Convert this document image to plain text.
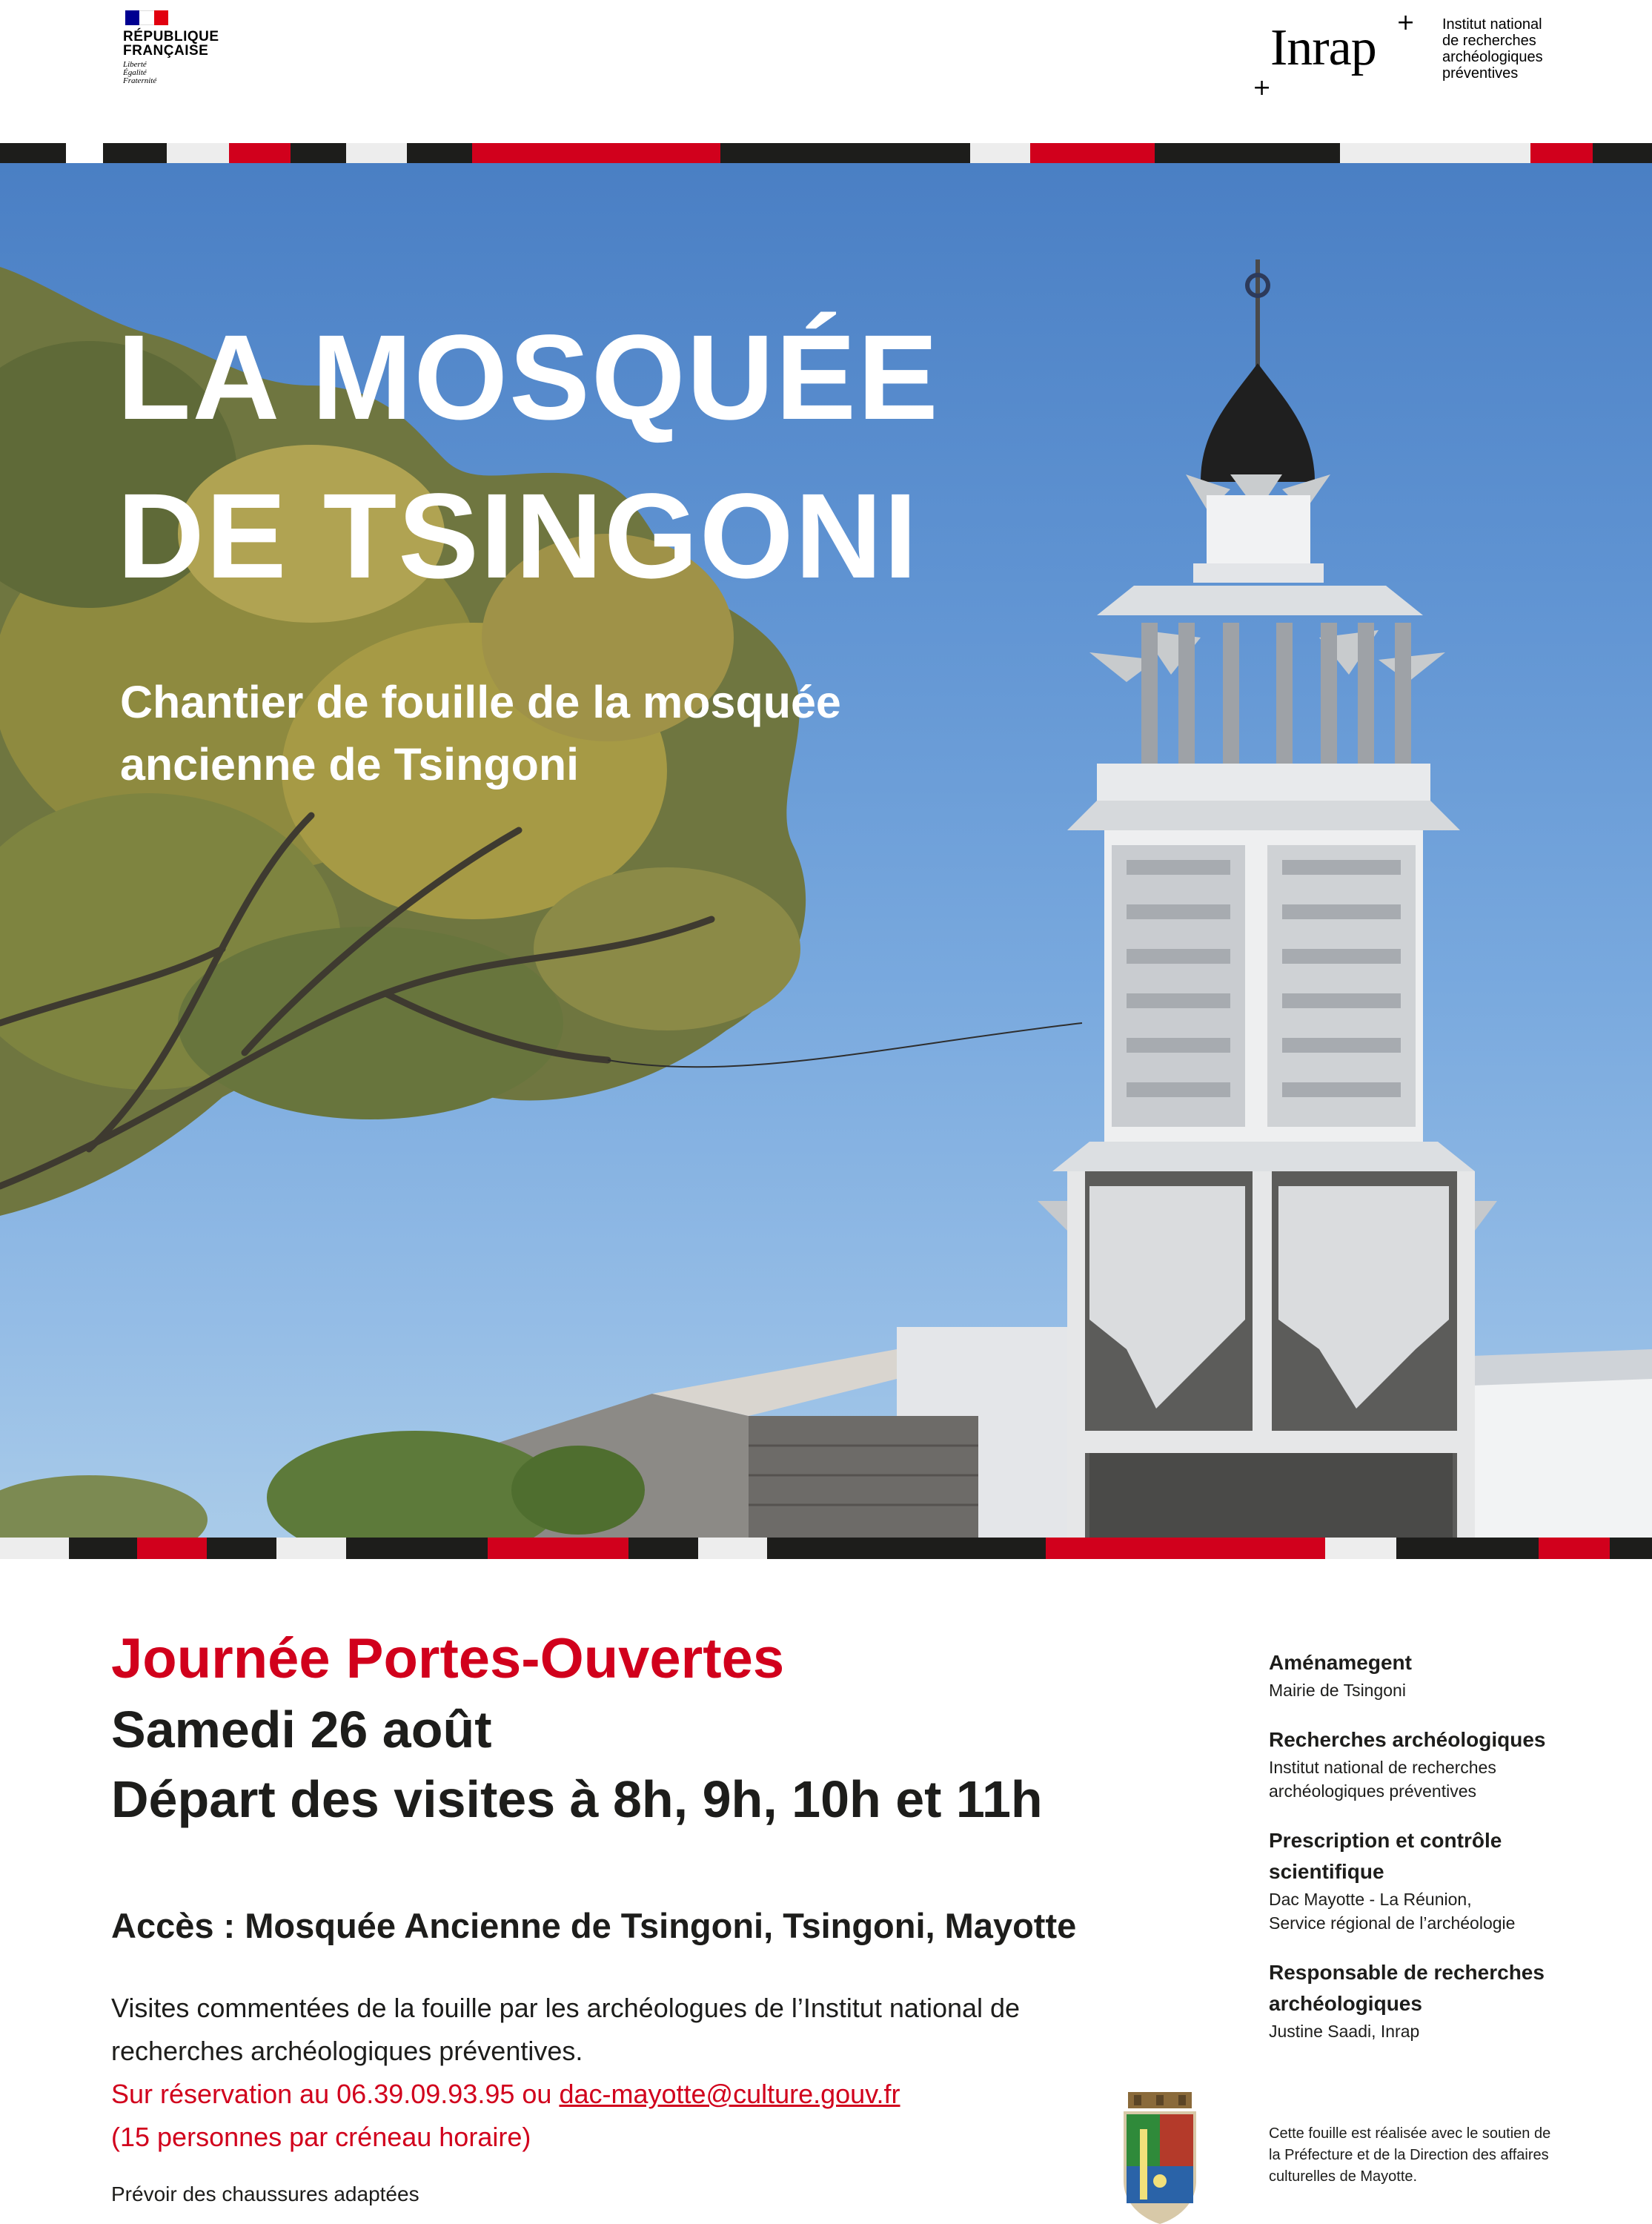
RÉPUBLIQUE
FRANÇAISE
Liberté
Égalité
Fraternité
+
+
Inrap	Institut national
de recherches
archéologiques
préventives
LA MOSQUÉE
DE TSINGONI
Chantier de fouille de la mosquée
ancienne de Tsingoni

Journée Portes-Ouvertes

Samedi 26 août

Départ des visites à 8h, 9h, 10h et 11h

Accès : Mosquée Ancienne de Tsingoni, Tsingoni, Mayotte
Visites commentées de la fouille par les archéologues de l’Institut national de
recherches archéologiques préventives.
Sur réservation au 06.39.09.93.95 ou dac-mayotte@culture.gouv.fr
(15 personnes par créneau horaire)
Prévoir des chaussures adaptées
Aménamegent
Mairie de Tsingoni
Recherches archéologiques
Institut national de recherches
archéologiques préventives
Prescription et contrôle scientifique
Dac Mayotte - La Réunion,
Service régional de l’archéologie
Responsable de recherches archéologiques
Justine Saadi, Inrap
Cette fouille est réalisée avec le soutien de la Préfecture et de la Direction des affaires culturelles de Mayotte.
